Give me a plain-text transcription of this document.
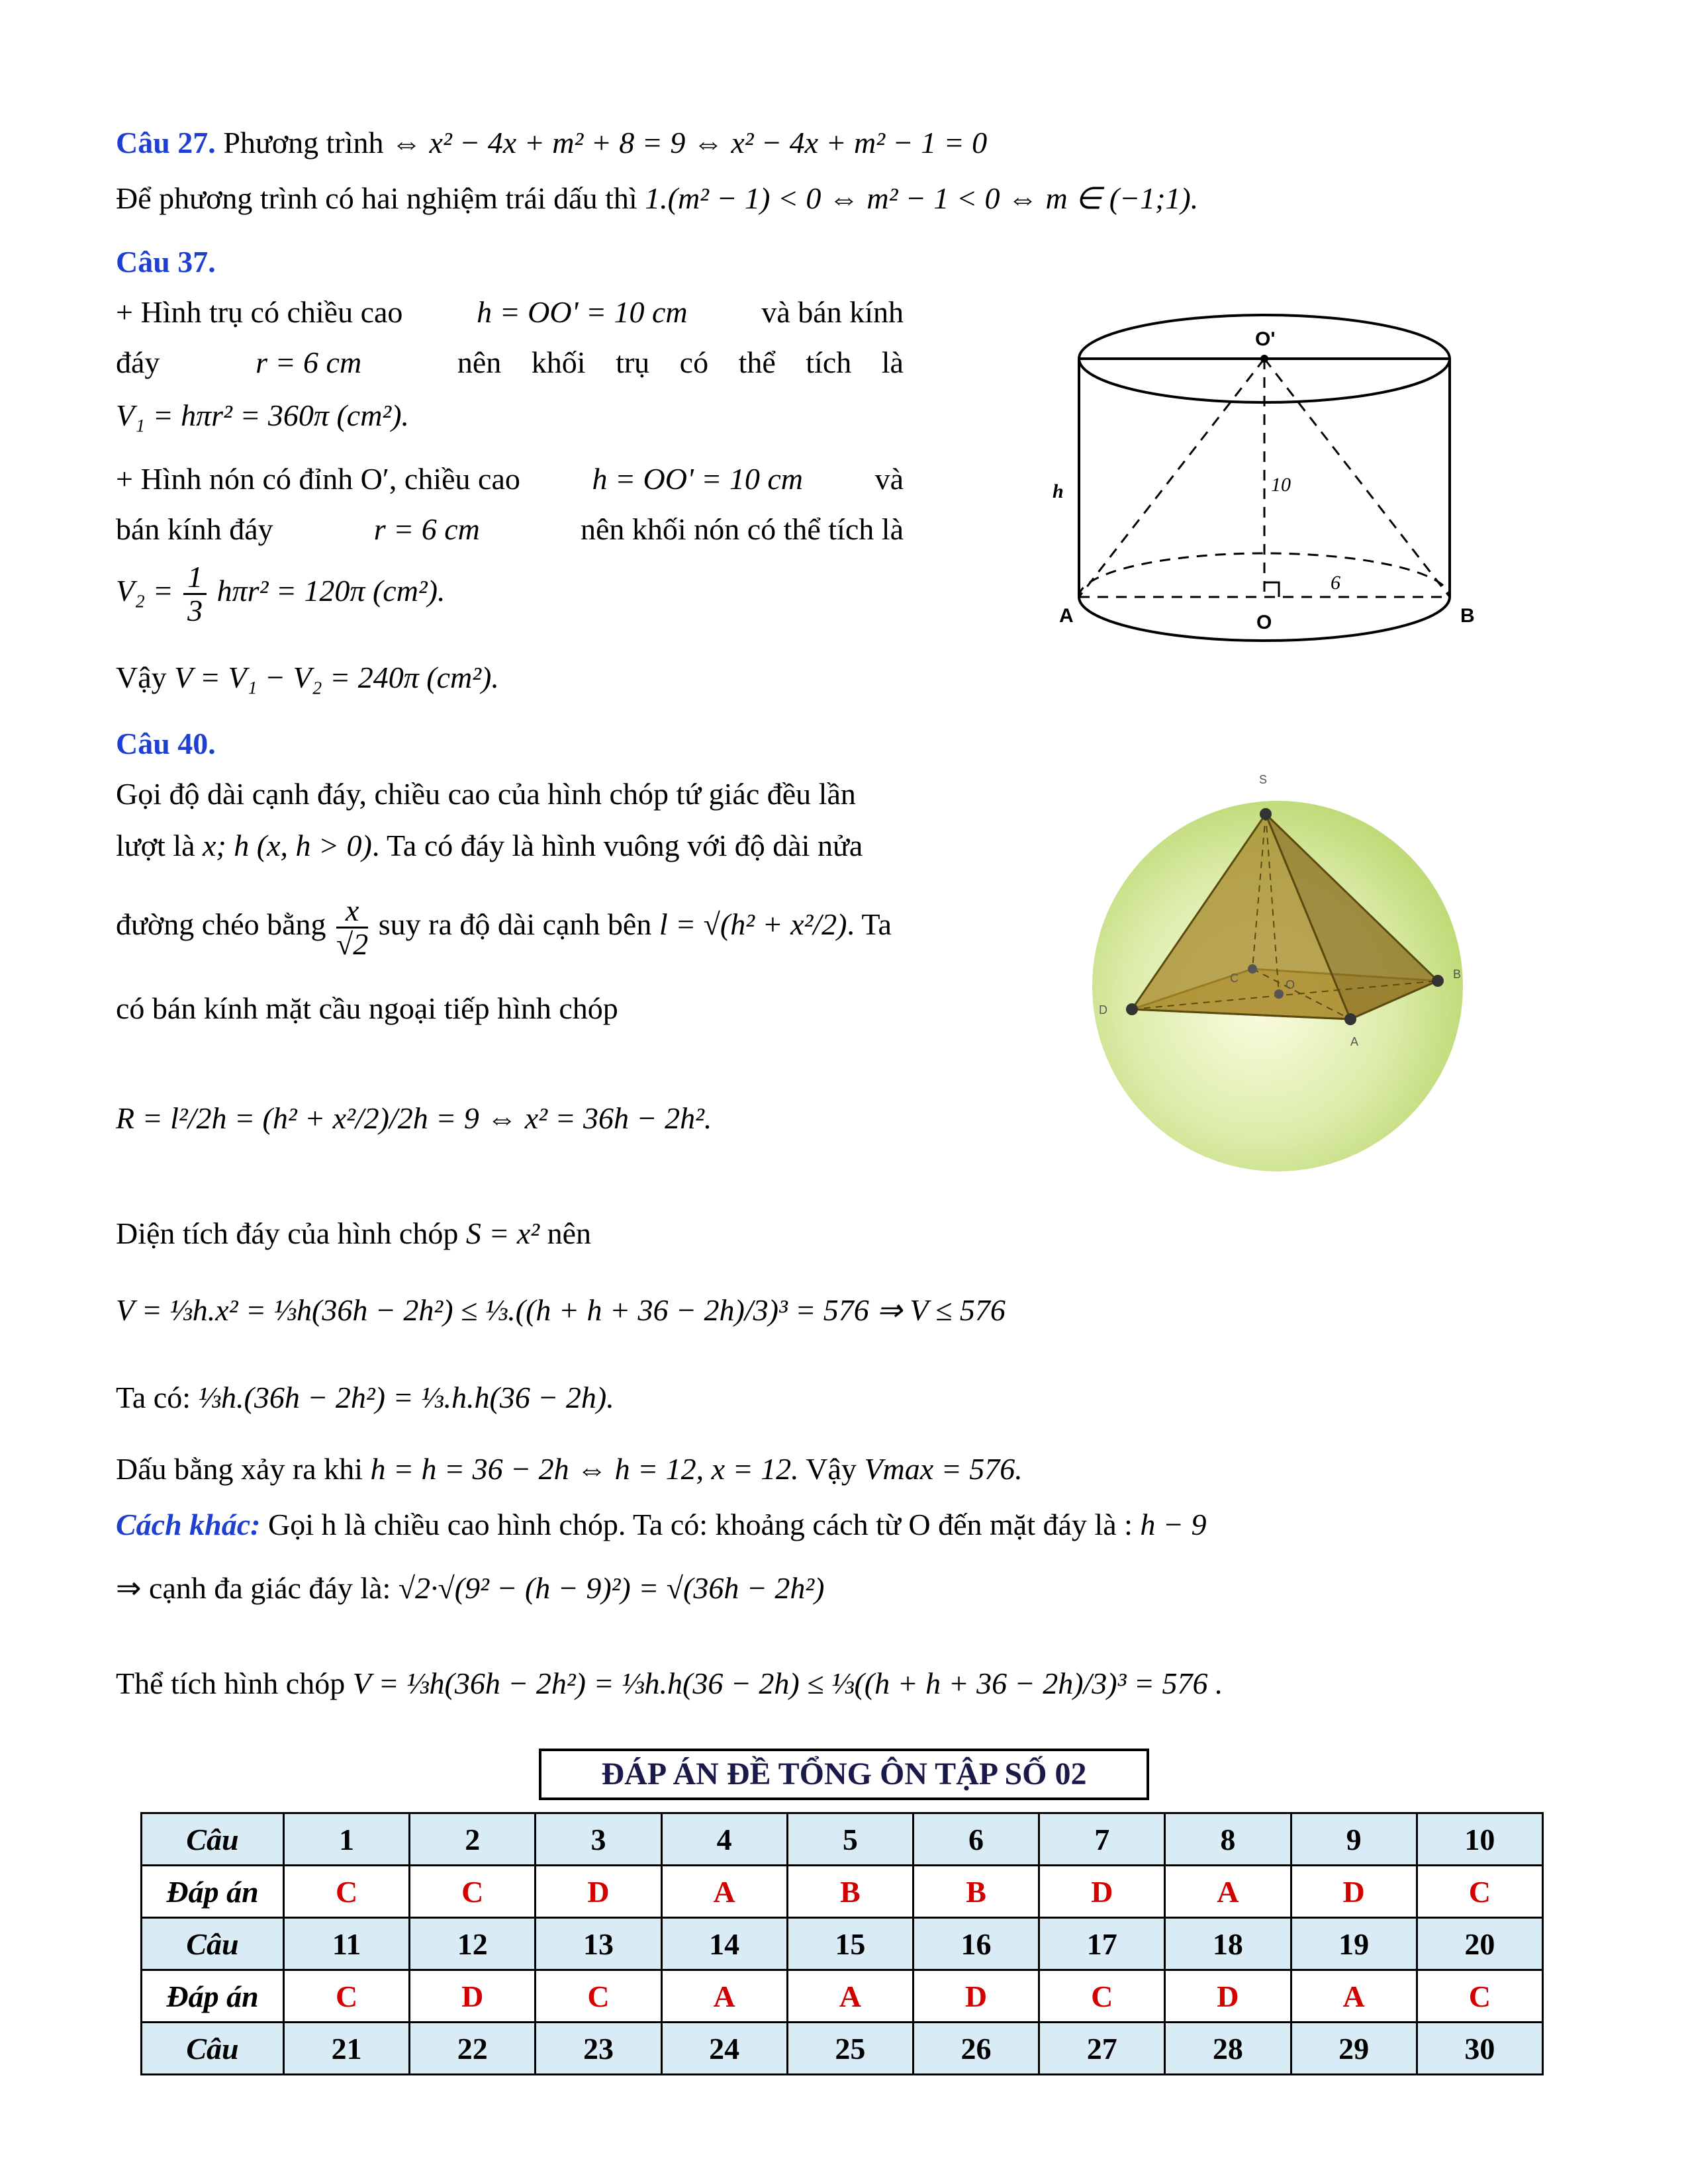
Câu 27. Phương trình ⇔ x² − 4x + m² + 8 = 9 ⇔ x² − 4x + m² − 1 = 0
Để phương trình có hai nghiệm trái dấu thì 1.(m² − 1) < 0 ⇔ m² − 1 < 0 ⇔ m ∈ (−1;1).
Câu 37.
+ Hình trụ có chiều cao h = OO' = 10 cm và bán kính
đáy	r = 6 cm	nên khối trụ có thể tích là
V₁ = hπr² = 360π (cm²).
+ Hình nón có đỉnh O′, chiều cao h = OO' = 10 cm và
bán kính đáy	r = 6 cm	nên khối nón có thể tích là
$V_2 = \frac{1}{3} h\pi r^2 = 120\pi$ (cm²).
Vậy V = V₁ − V₂ = 240π (cm²).
O'
h	10
6
A	O	B
Câu 40.
Gọi độ dài cạnh đáy, chiều cao của hình chóp tứ giác đều lần
lượt là x; h (x, h > 0). Ta có đáy là hình vuông với độ dài nửa
đường chéo bằng $\frac{x}{√2}$ suy ra độ dài cạnh bên l = √(h² + x²/2). Ta
có bán kính mặt cầu ngoại tiếp hình chóp
R = l²/2h = (h² + x²/2)/2h = 9 ⇔ x² = 36h − 2h².
Diện tích đáy của hình chóp S = x² nên
V = ⅓h.x² = ⅓h(36h − 2h²) ≤ ⅓.((h + h + 36 − 2h)/3)³ = 576 ⇒ V ≤ 576
Ta có: ⅓h.(36h − 2h²) = ⅓.h.h(36 − 2h).
Dấu bằng xảy ra khi h = h = 36 − 2h ⇔ h = 12, x = 12. Vậy Vmax = 576.
Cách khác: Gọi h là chiều cao hình chóp. Ta có: khoảng cách từ O đến mặt đáy là : h − 9
⇒ cạnh đa giác đáy là: √2·√(9² − (h − 9)²) = √(36h − 2h²)
Thể tích hình chóp V = ⅓h(36h − 2h²) = ⅓h.h(36 − 2h) ≤ ⅓((h + h + 36 − 2h)/3)³ = 576 .
S
B
C	O
D
A
ĐÁP ÁN ĐỀ TỔNG ÔN TẬP SỐ 02
Câu	1	2	3	4	5	6	7	8	9	10
Đáp án	C	C	D	A	B	B	D	A	D	C
Câu	11	12	13	14	15	16	17	18	19	20
Đáp án	C	D	C	A	A	D	C	D	A	C
Câu	21	22	23	24	25	26	27	28	29	30
